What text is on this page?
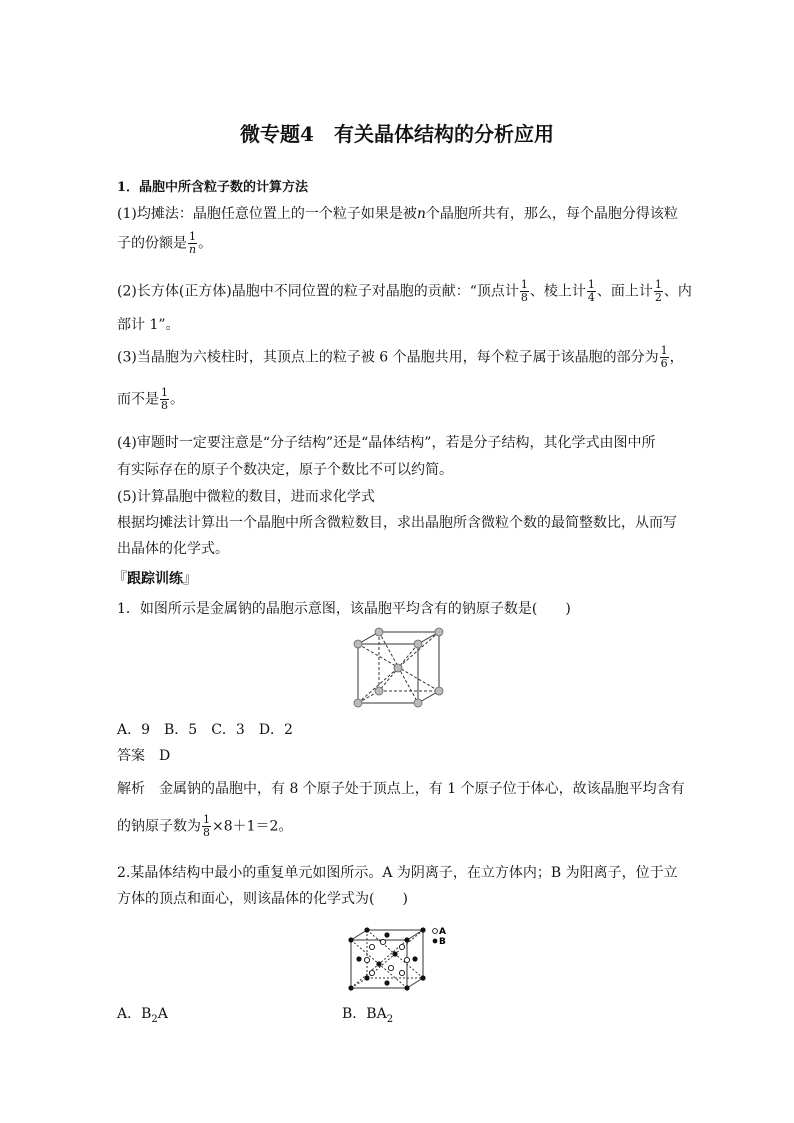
微专题4　有关晶体结构的分析应用
1．晶胞中所含粒子数的计算方法
(1)均摊法：晶胞任意位置上的一个粒子如果是被n个晶胞所共有，那么，每个晶胞分得该粒
子的份额是 $\frac{1}{n}$ 。
(2)长方体(正方体)晶胞中不同位置的粒子对晶胞的贡献：“顶点计 $\frac{1}{8}$ 、棱上计 $\frac{1}{4}$ 、面上计 $\frac{1}{2}$ 、内
部计 1”。
(3)当晶胞为六棱柱时，其顶点上的粒子被 6 个晶胞共用，每个粒子属于该晶胞的部分为 $\frac{1}{6}$ ，
而不是 $\frac{1}{8}$ 。
(4)审题时一定要注意是“分子结构”还是“晶体结构”，若是分子结构，其化学式由图中所
有实际存在的原子个数决定，原子个数比不可以约简。
(5)计算晶胞中微粒的数目，进而求化学式
根据均摊法计算出一个晶胞中所含微粒数目，求出晶胞所含微粒个数的最简整数比，从而写
出晶体的化学式。
『跟踪训练』
1．如图所示是金属钠的晶胞示意图，该晶胞平均含有的钠原子数是(　　)
A．9　B．5　C．3　D．2
答案　D
解析　金属钠的晶胞中，有 8 个原子处于顶点上，有 1 个原子位于体心，故该晶胞平均含有
的钠原子数为 $\frac{1}{8} \times 8+1=2$。
2.某晶体结构中最小的重复单元如图所示。A 为阴离子，在立方体内；B 为阳离子，位于立
方体的顶点和面心，则该晶体的化学式为(　　)
A
B
A．$B_2A$	B．$BA_2$
